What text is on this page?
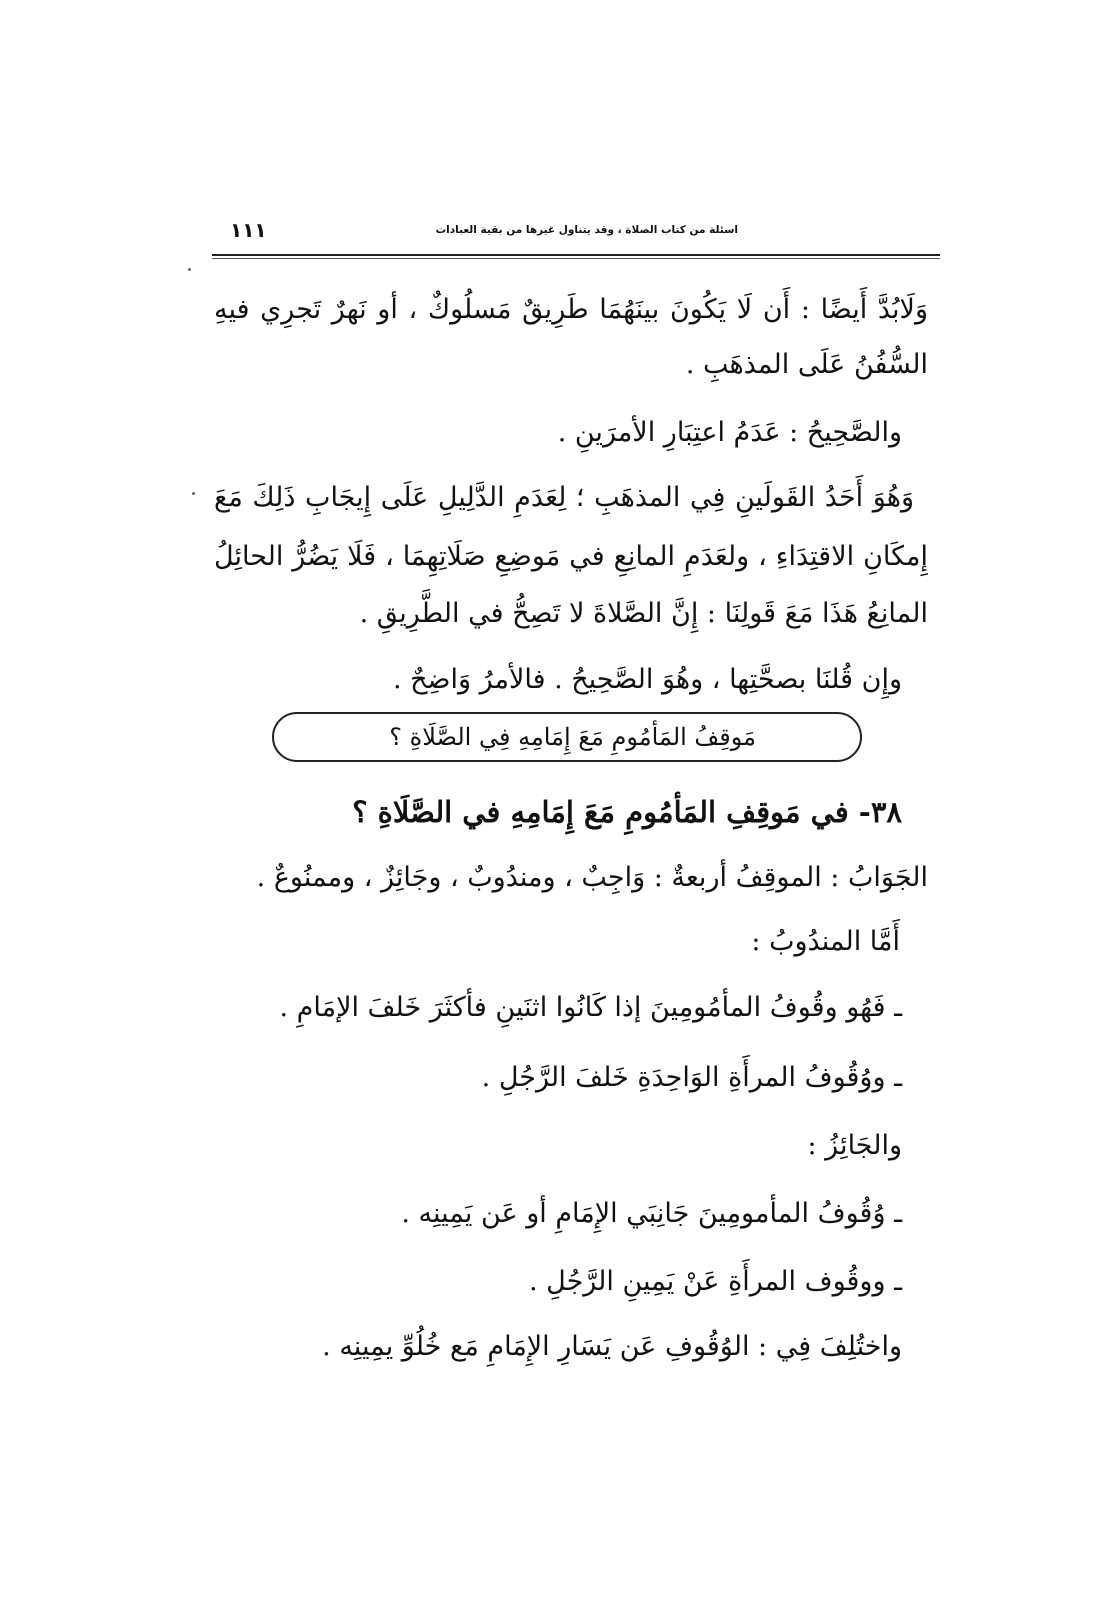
١١١	اسئلة من كتاب الصلاة ، وقد يتناول غيرها من بقية العبادات
وَلَابُدَّ أَيضًا : أَن لَا يَكُونَ بينَهُمَا طَرِيقٌ مَسلُوكٌ ، أو نَهرٌ تَجرِي فيهِ
السُّفُنُ عَلَى المذهَبِ .
والصَّحِيحُ : عَدَمُ اعتِبَارِ الأمرَينِ .
وَهُوَ أَحَدُ القَولَينِ فِي المذهَبِ ؛ لِعَدَمِ الدَّلِيلِ عَلَى إِيجَابِ ذَلِكَ مَعَ
إِمكَانِ الاقتِدَاءِ ، ولعَدَمِ المانِعِ في مَوضِعِ صَلَاتِهِمَا ، فَلَا يَضُرُّ الحائِلُ
المانِعُ هَذَا مَعَ قَولِنَا : إِنَّ الصَّلاةَ لا تَصِحُّ في الطَّرِيقِ .
وإِن قُلنَا بصحَّتِها ، وهُوَ الصَّحِيحُ . فالأمرُ وَاضِحٌ .
مَوقِفُ المَأمُومِ مَعَ إِمَامِهِ فِي الصَّلَاةِ ؟
٣٨- في مَوقِفِ المَأمُومِ مَعَ إِمَامِهِ في الصَّلَاةِ ؟
الجَوَابُ : الموقِفُ أربعةٌ : وَاجِبٌ ، ومندُوبٌ ، وجَائِزٌ ، وممنُوعٌ .
أَمَّا المندُوبُ :
ـ فَهُو وقُوفُ المأمُومِينَ إذا كَانُوا اثنَينِ فأكثَرَ خَلفَ الإمَامِ .
ـ ووُقُوفُ المرأَةِ الوَاحِدَةِ خَلفَ الرَّجُلِ .
والجَائِزُ :
ـ وُقُوفُ المأمومِينَ جَانِبَي الإِمَامِ أو عَن يَمِينِه .
ـ ووقُوف المرأَةِ عَنْ يَمِينِ الرَّجُلِ .
واختُلِفَ فِي : الوُقُوفِ عَن يَسَارِ الإِمَامِ مَع خُلُوِّ يمِينِه .
